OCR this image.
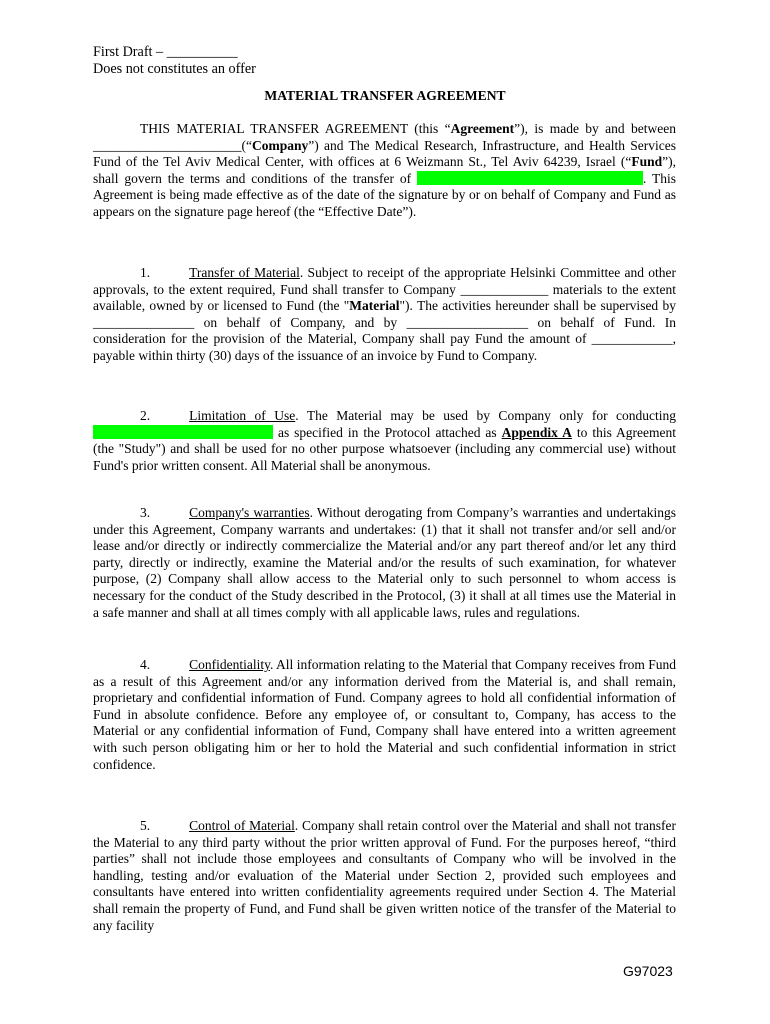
First Draft – __________
Does not constitutes an offer
MATERIAL TRANSFER AGREEMENT

THIS MATERIAL TRANSFER AGREEMENT (this “Agreement”), is made by and between ______________________(“Company”) and The Medical Research, Infrastructure, and Health Services Fund of the Tel Aviv Medical Center, with offices at 6 Weizmann St., Tel Aviv 64239, Israel (“Fund”), shall govern the terms and conditions of the transfer of	. This Agreement is being made effective as of the date of the signature by or on behalf of Company and Fund as appears on the signature page hereof (the “Effective Date”).

1.	Transfer of Material. Subject to receipt of the appropriate Helsinki Committee and other approvals, to the extent required, Fund shall transfer to Company _____________ materials to the extent available, owned by or licensed to Fund (the "Material"). The activities hereunder shall be supervised by _______________ on behalf of Company, and by __________________ on behalf of Fund. In consideration for the provision of the Material, Company shall pay Fund the amount of ____________, payable within thirty (30) days of the issuance of an invoice by Fund to Company.

2.	Limitation of Use. The Material may be used by Company only for conducting  as specified in the Protocol attached as Appendix A to this Agreement (the "Study") and shall be used for no other purpose whatsoever (including any commercial use) without Fund's prior written consent. All Material shall be anonymous.

3.	Company's warranties. Without derogating from Company’s warranties and undertakings under this Agreement, Company warrants and undertakes: (1) that it shall not transfer and/or sell and/or lease and/or directly or indirectly commercialize the Material and/or any part thereof and/or let any third party, directly or indirectly, examine the Material and/or the results of such examination, for whatever purpose, (2) Company shall allow access to the Material only to such personnel to whom access is necessary for the conduct of the Study described in the Protocol, (3) it shall at all times use the Material in a safe manner and shall at all times comply with all applicable laws, rules and regulations.

4.	Confidentiality. All information relating to the Material that Company receives from Fund as a result of this Agreement and/or any information derived from the Material is, and shall remain, proprietary and confidential information of Fund. Company agrees to hold all confidential information of Fund in absolute confidence. Before any employee of, or consultant to, Company, has access to the Material or any confidential information of Fund, Company shall have entered into a written agreement with such person obligating him or her to hold the Material and such confidential information in strict confidence.

5.	Control of Material. Company shall retain control over the Material and shall not transfer the Material to any third party without the prior written approval of Fund. For the purposes hereof, “third parties” shall not include those employees and consultants of Company who will be involved in the handling, testing and/or evaluation of the Material under Section 2, provided such employees and consultants have entered into written confidentiality agreements required under Section 4. The Material shall remain the property of Fund, and Fund shall be given written notice of the transfer of the Material to any facility

G97023
